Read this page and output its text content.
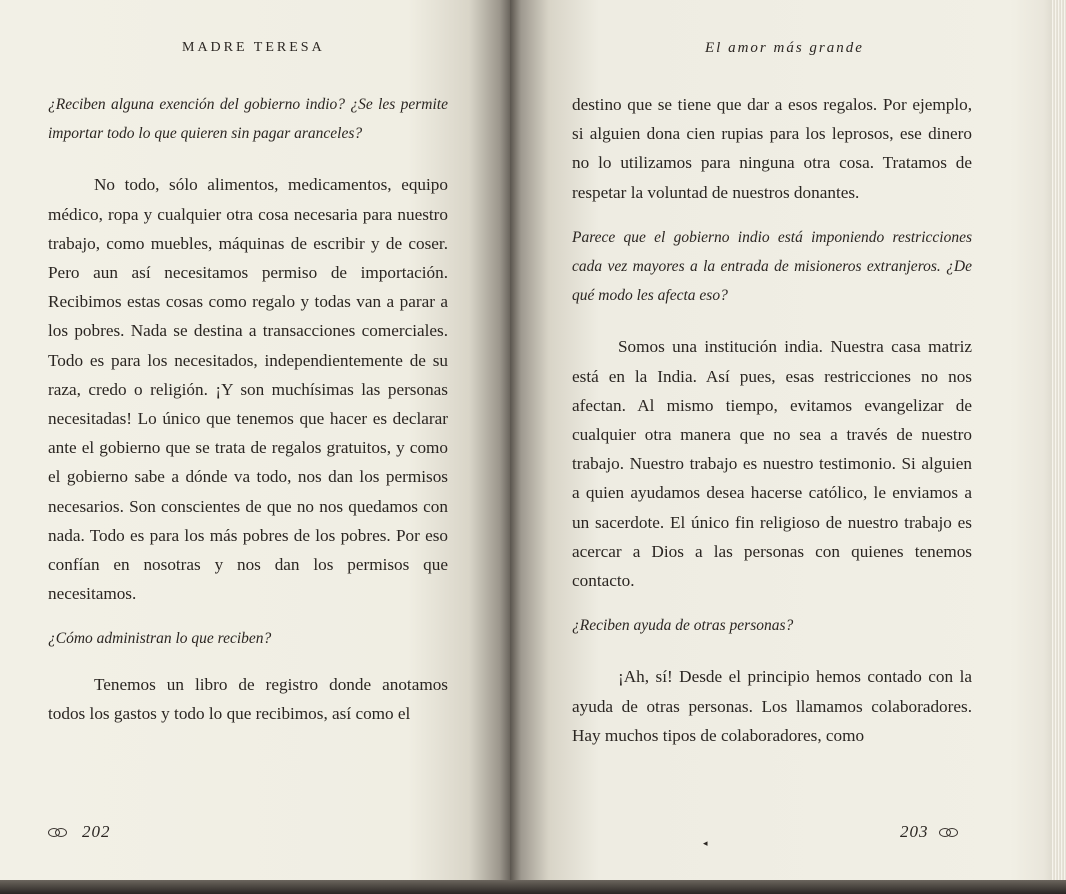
MADRE TERESA

¿Reciben alguna exención del gobierno indio? ¿Se les permite importar todo lo que quieren sin pagar aranceles?

No todo, sólo alimentos, medicamentos, equipo médico, ropa y cualquier otra cosa necesaria para nuestro trabajo, como muebles, máquinas de escribir y de coser. Pero aun así necesitamos permiso de importación. Recibimos estas cosas como regalo y todas van a parar a los pobres. Nada se destina a transacciones comerciales. Todo es para los necesitados, independientemente de su raza, credo o religión. ¡Y son muchísimas las personas necesitadas! Lo único que tenemos que hacer es declarar ante el gobierno que se trata de regalos gratuitos, y como el gobierno sabe a dónde va todo, nos dan los permisos necesarios. Son conscientes de que no nos quedamos con nada. Todo es para los más pobres de los pobres. Por eso confían en nosotras y nos dan los permisos que necesitamos.

¿Cómo administran lo que reciben?

Tenemos un libro de registro donde anotamos todos los gastos y todo lo que recibimos, así como el

202
El amor más grande

destino que se tiene que dar a esos regalos. Por ejemplo, si alguien dona cien rupias para los leprosos, ese dinero no lo utilizamos para ninguna otra cosa. Tratamos de respetar la voluntad de nuestros donantes.

Parece que el gobierno indio está imponiendo restricciones cada vez mayores a la entrada de misioneros extranjeros. ¿De qué modo les afecta eso?

Somos una institución india. Nuestra casa matriz está en la India. Así pues, esas restricciones no nos afectan. Al mismo tiempo, evitamos evangelizar de cualquier otra manera que no sea a través de nuestro trabajo. Nuestro trabajo es nuestro testimonio. Si alguien a quien ayudamos desea hacerse católico, le enviamos a un sacerdote. El único fin religioso de nuestro trabajo es acercar a Dios a las personas con quienes tenemos contacto.

¿Reciben ayuda de otras personas?

¡Ah, sí! Desde el principio hemos contado con la ayuda de otras personas. Los llamamos colaboradores. Hay muchos tipos de colaboradores, como

◂
203
